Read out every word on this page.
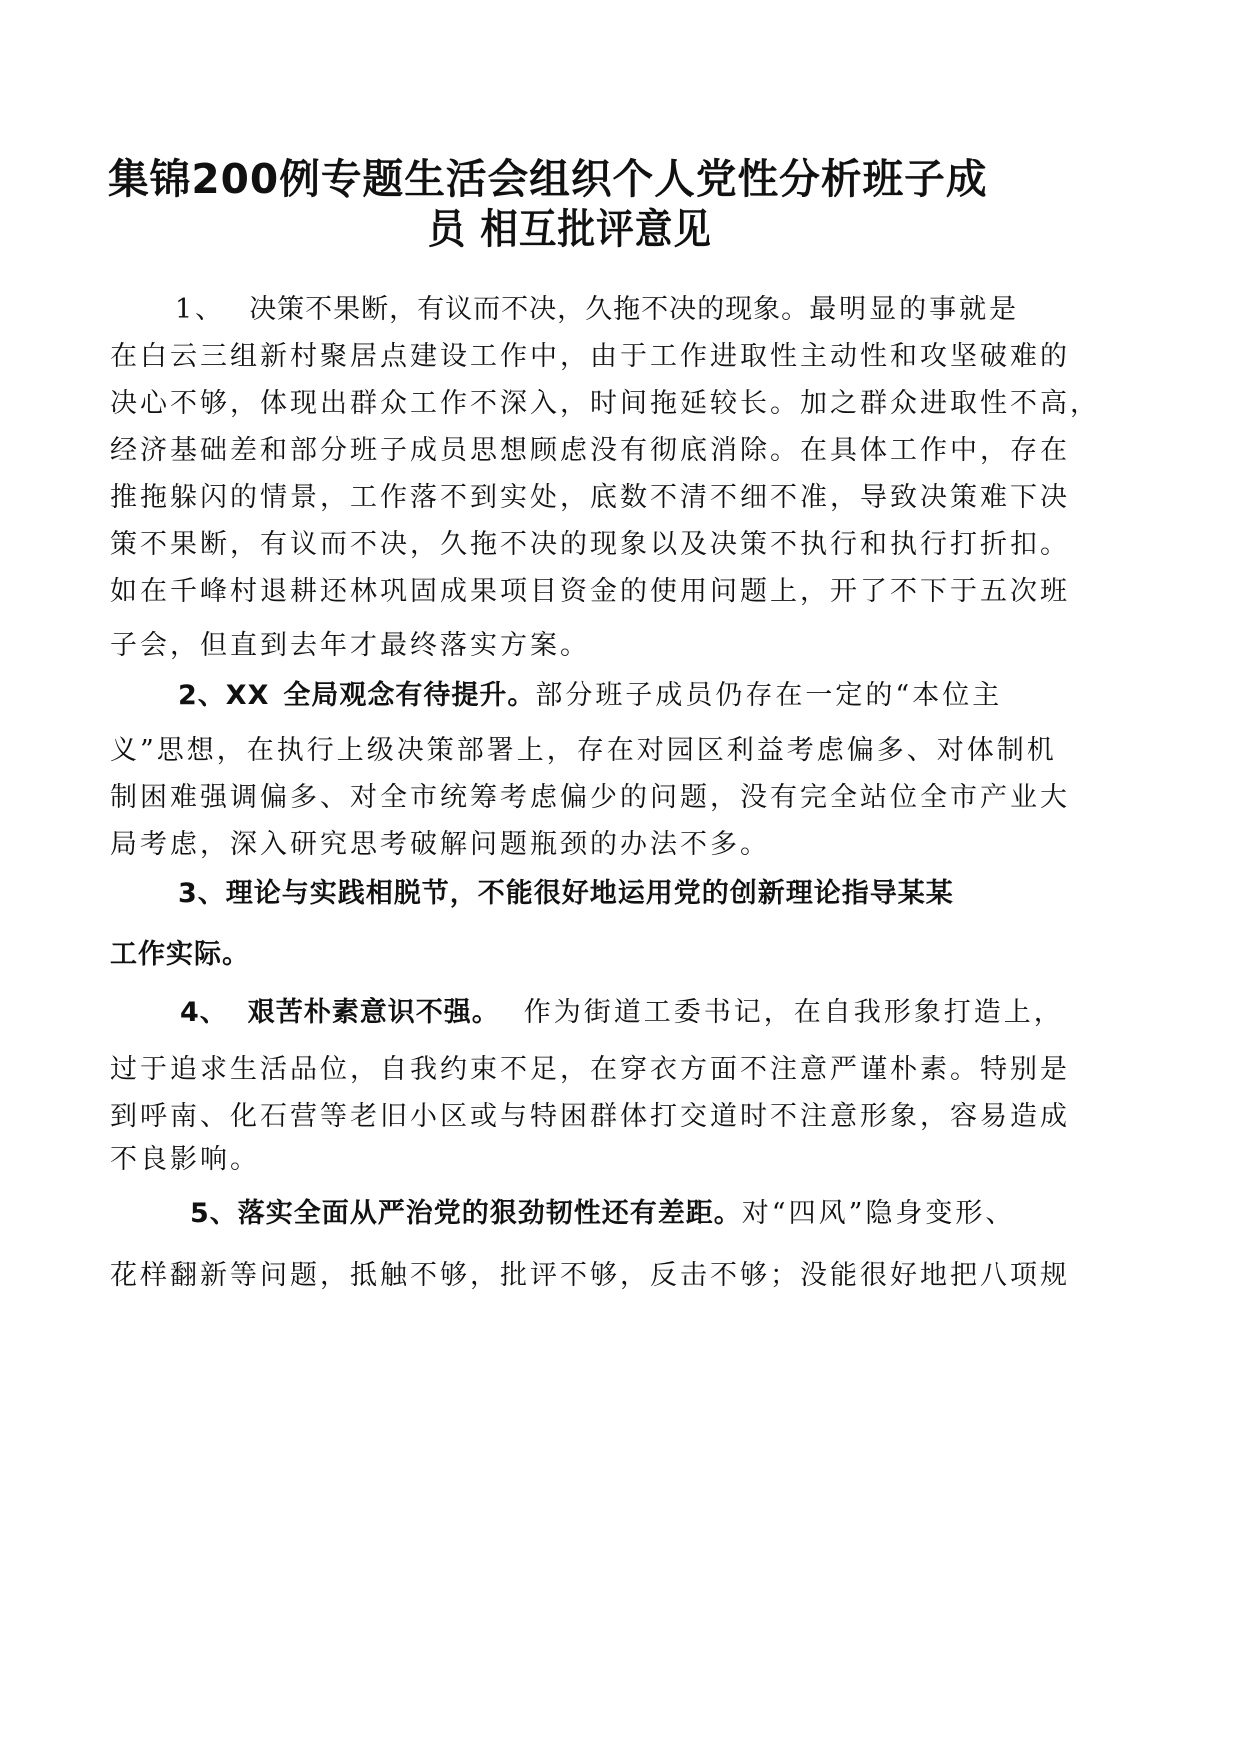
集锦200例专题生活会组织个人党性分析班子成
员 相互批评意见
1、 决策不果断，有议而不决，久拖不决的现象。最明显的事就是
在白云三组新村聚居点建设工作中，由于工作进取性主动性和攻坚破难的
决心不够，体现出群众工作不深入，时间拖延较长。加之群众进取性不高，
经济基础差和部分班子成员思想顾虑没有彻底消除。在具体工作中，存在
推拖躲闪的情景，工作落不到实处，底数不清不细不准，导致决策难下决
策不果断，有议而不决，久拖不决的现象以及决策不执行和执行打折扣。
如在千峰村退耕还林巩固成果项目资金的使用问题上，开了不下于五次班
子会，但直到去年才最终落实方案。
2、XX 全局观念有待提升。部分班子成员仍存在一定的“本位主
义”思想，在执行上级决策部署上，存在对园区利益考虑偏多、对体制机
制困难强调偏多、对全市统筹考虑偏少的问题，没有完全站位全市产业大
局考虑，深入研究思考破解问题瓶颈的办法不多。
3、理论与实践相脱节，不能很好地运用党的创新理论指导某某
工作实际。
4、 艰苦朴素意识不强。 作为街道工委书记，在自我形象打造上，
过于追求生活品位，自我约束不足，在穿衣方面不注意严谨朴素。特别是
到呼南、化石营等老旧小区或与特困群体打交道时不注意形象，容易造成
不良影响。
5、落实全面从严治党的狠劲韧性还有差距。对“四风”隐身变形、
花样翻新等问题，抵触不够，批评不够，反击不够；没能很好地把八项规
